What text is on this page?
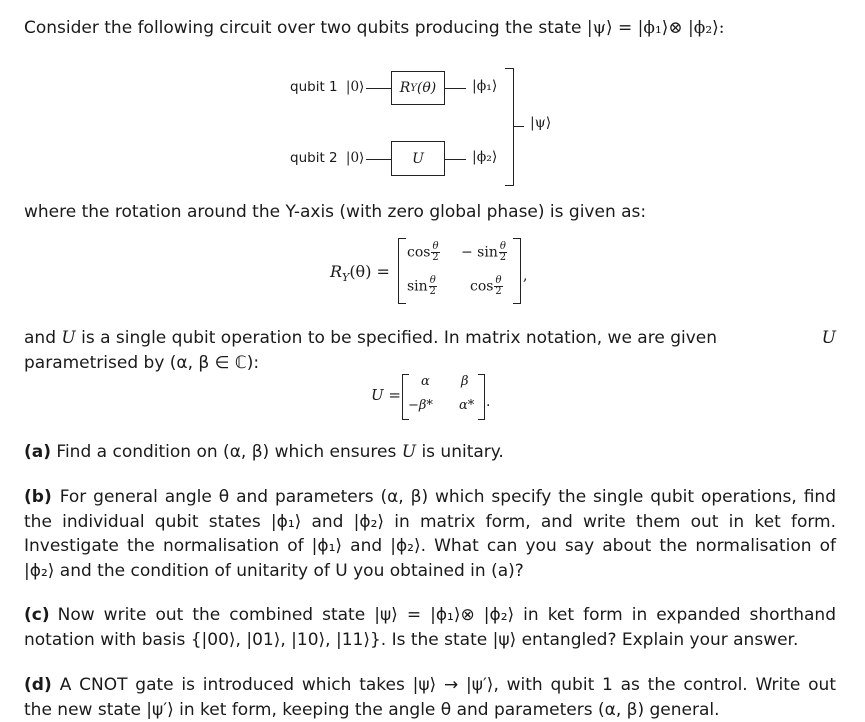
Consider the following circuit over two qubits producing the state |ψ⟩ = |ϕ₁⟩⊗ |ϕ₂⟩:
qubit 1 |0⟩	R Y (θ)	|ϕ₁⟩
qubit 2 |0⟩	U	|ϕ₂⟩
|ψ⟩
where the rotation around the Y-axis (with zero global phase) is given as:
$R_Y(\theta)$ =
$\cos \frac{\theta}{2} - \sin \frac{\theta}{2}$
$\sin \frac{\theta}{2}$ $\cos \frac{\theta}{2}$ ,
and U is a single qubit operation to be specified. In matrix notation, we are given	U
parametrised by (α, β ∈ ℂ):
U =
α β
−β* α* .
(a) Find a condition on (α, β) which ensures U is unitary.
(b) For general angle θ and parameters (α, β) which specify the single qubit operations, find
the individual qubit states |ϕ₁⟩ and |ϕ₂⟩ in matrix form, and write them out in ket form.
Investigate the normalisation of |ϕ₁⟩ and |ϕ₂⟩. What can you say about the normalisation of
|ϕ₂⟩ and the condition of unitarity of U you obtained in (a)?
(c) Now write out the combined state |ψ⟩ = |ϕ₁⟩⊗ |ϕ₂⟩ in ket form in expanded shorthand
notation with basis {|00⟩, |01⟩, |10⟩, |11⟩}. Is the state |ψ⟩ entangled? Explain your answer.
(d) A CNOT gate is introduced which takes |ψ⟩ → |ψ′⟩, with qubit 1 as the control. Write out
the new state |ψ′⟩ in ket form, keeping the angle θ and parameters (α, β) general.
